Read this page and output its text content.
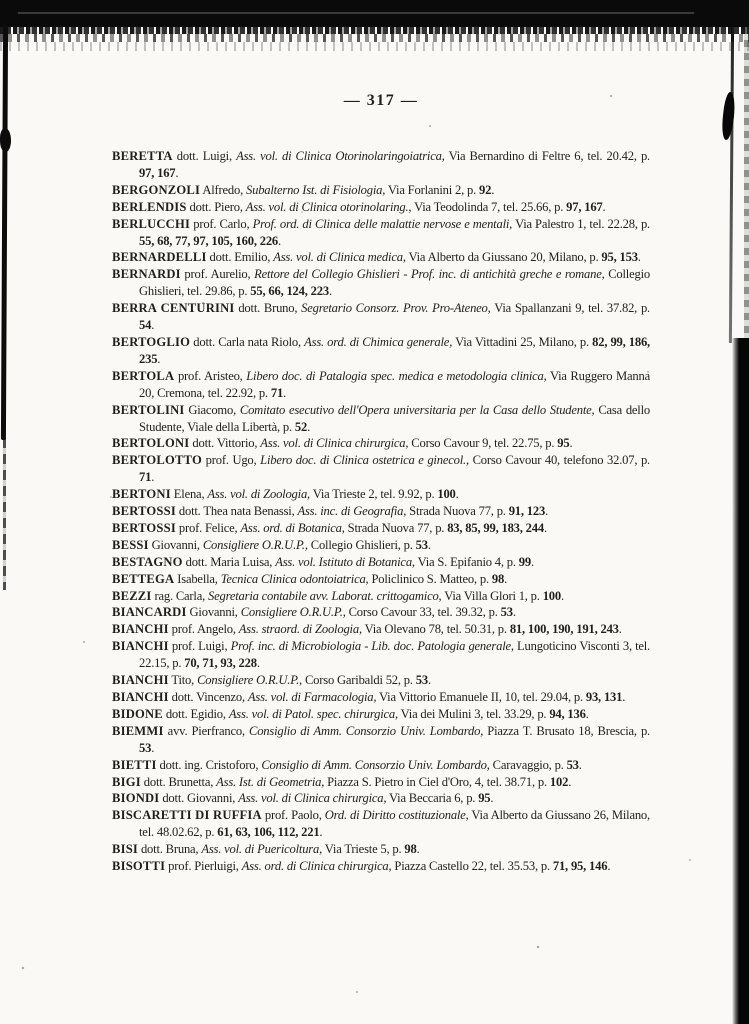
— 317 —

BERETTA dott. Luigi, Ass. vol. di Clinica Otorinolaringoiatrica, Via Bernardino di Feltre 6, tel. 20.42, p. 97, 167.

BERGONZOLI Alfredo, Subalterno Ist. di Fisiologia, Via Forlanini 2, p. 92.

BERLENDIS dott. Piero, Ass. vol. di Clinica otorinolaring., Via Teodolinda 7, tel. 25.66, p. 97, 167.

BERLUCCHI prof. Carlo, Prof. ord. di Clinica delle malattie nervose e mentali, Via Palestro 1, tel. 22.28, p. 55, 68, 77, 97, 105, 160, 226.

BERNARDELLI dott. Emilio, Ass. vol. di Clinica medica, Via Alberto da Giussano 20, Milano, p. 95, 153.

BERNARDI prof. Aurelio, Rettore del Collegio Ghislieri - Prof. inc. di antichità greche e romane, Collegio Ghislieri, tel. 29.86, p. 55, 66, 124, 223.

BERRA CENTURINI dott. Bruno, Segretario Consorz. Prov. Pro-Ateneo, Via Spallanzani 9, tel. 37.82, p. 54.

BERTOGLIO dott. Carla nata Riolo, Ass. ord. di Chimica generale, Via Vittadini 25, Milano, p. 82, 99, 186, 235.

BERTOLA prof. Aristeo, Libero doc. di Patalogia spec. medica e metodologia clinica, Via Ruggero Manna 20, Cremona, tel. 22.92, p. 71.

BERTOLINI Giacomo, Comitato esecutivo dell'Opera universitaria per la Casa dello Studente, Casa dello Studente, Viale della Libertà, p. 52.

BERTOLONI dott. Vittorio, Ass. vol. di Clinica chirurgica, Corso Cavour 9, tel. 22.75, p. 95.

BERTOLOTTO prof. Ugo, Libero doc. di Clinica ostetrica e ginecol., Corso Cavour 40, telefono 32.07, p. 71.

BERTONI Elena, Ass. vol. di Zoologia, Via Trieste 2, tel. 9.92, p. 100.

BERTOSSI dott. Thea nata Benassi, Ass. inc. di Geografia, Strada Nuova 77, p. 91, 123.

BERTOSSI prof. Felice, Ass. ord. di Botanica, Strada Nuova 77, p. 83, 85, 99, 183, 244.

BESSI Giovanni, Consigliere O.R.U.P., Collegio Ghislieri, p. 53.

BESTAGNO dott. Maria Luisa, Ass. vol. Istituto di Botanica, Via S. Epifanio 4, p. 99.

BETTEGA Isabella, Tecnica Clinica odontoiatrica, Policlinico S. Matteo, p. 98.

BEZZI rag. Carla, Segretaria contabile avv. Laborat. crittogamico, Via Villa Glori 1, p. 100.

BIANCARDI Giovanni, Consigliere O.R.U.P., Corso Cavour 33, tel. 39.32, p. 53.

BIANCHI prof. Angelo, Ass. straord. di Zoologia, Via Olevano 78, tel. 50.31, p. 81, 100, 190, 191, 243.

BIANCHI prof. Luigi, Prof. inc. di Microbiologia - Lib. doc. Patologia generale, Lungoticino Visconti 3, tel. 22.15, p. 70, 71, 93, 228.

BIANCHI Tito, Consigliere O.R.U.P., Corso Garibaldi 52, p. 53.

BIANCHI dott. Vincenzo, Ass. vol. di Farmacologia, Via Vittorio Emanuele II, 10, tel. 29.04, p. 93, 131.

BIDONE dott. Egidio, Ass. vol. di Patol. spec. chirurgica, Via dei Mulini 3, tel. 33.29, p. 94, 136.

BIEMMI avv. Pierfranco, Consiglio di Amm. Consorzio Univ. Lombardo, Piazza T. Brusato 18, Brescia, p. 53.

BIETTI dott. ing. Cristoforo, Consiglio di Amm. Consorzio Univ. Lombardo, Caravaggio, p. 53.

BIGI dott. Brunetta, Ass. Ist. di Geometria, Piazza S. Pietro in Ciel d'Oro, 4, tel. 38.71, p. 102.

BIONDI dott. Giovanni, Ass. vol. di Clinica chirurgica, Via Beccaria 6, p. 95.

BISCARETTI DI RUFFIA prof. Paolo, Ord. di Diritto costituzionale, Via Alberto da Giussano 26, Milano, tel. 48.02.62, p. 61, 63, 106, 112, 221.

BISI dott. Bruna, Ass. vol. di Puericoltura, Via Trieste 5, p. 98.

BISOTTI prof. Pierluigi, Ass. ord. di Clinica chirurgica, Piazza Castello 22, tel. 35.53, p. 71, 95, 146.
